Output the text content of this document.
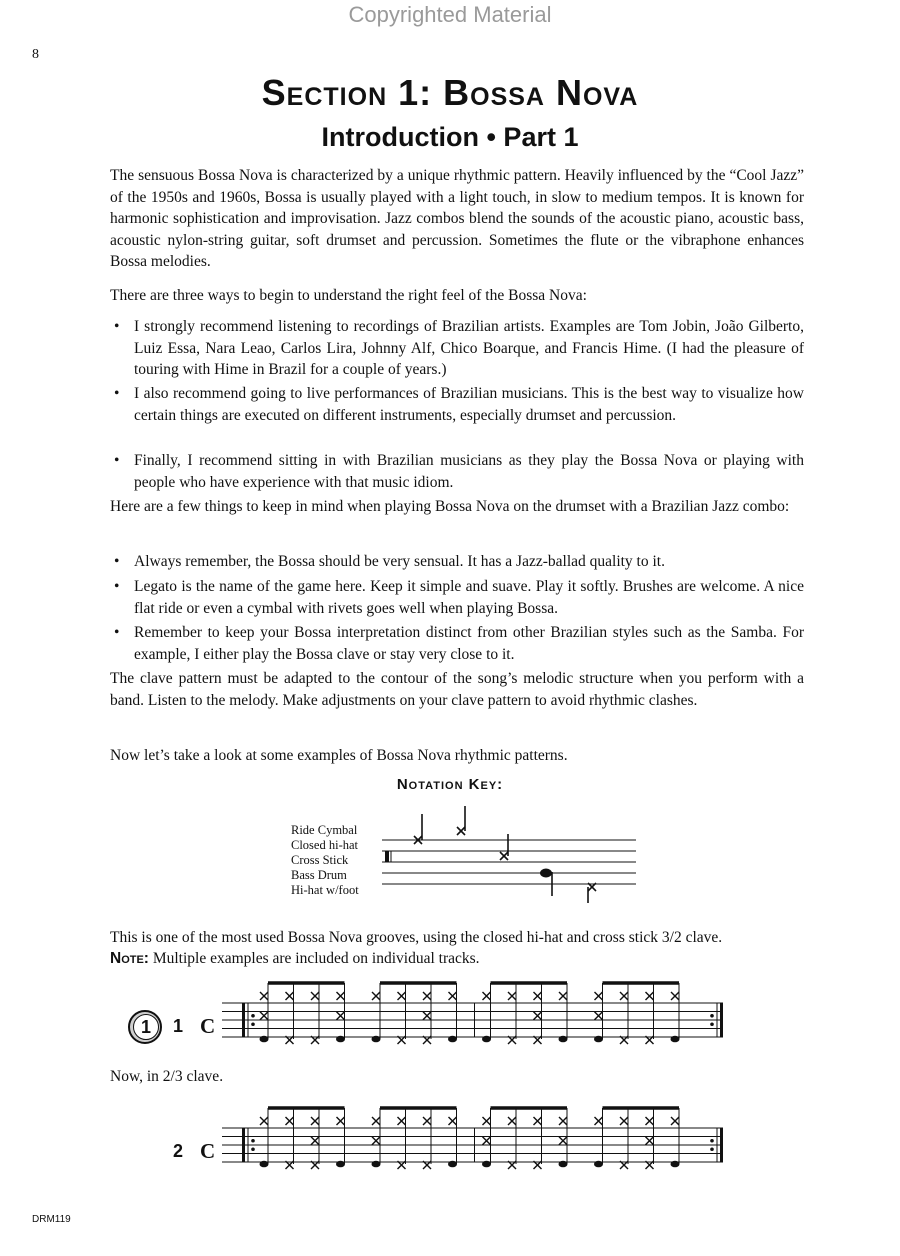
Copyrighted Material
8
Section 1: Bossa Nova
Introduction • Part 1

The sensuous Bossa Nova is characterized by a unique rhythmic pattern. Heavily influenced by the “Cool Jazz” of the 1950s and 1960s, Bossa is usually played with a light touch, in slow to medium tempos. It is known for harmonic sophistication and improvisation. Jazz combos blend the sounds of the acoustic piano, acoustic bass, acoustic nylon-string guitar, soft drumset and percussion. Sometimes the flute or the vibraphone enhances Bossa melodies.

There are three ways to begin to understand the right feel of the Bossa Nova:

• I strongly recommend listening to recordings of Brazilian artists. Examples are Tom Jobin, João Gilberto, Luiz Essa, Nara Leao, Carlos Lira, Johnny Alf, Chico Boarque, and Francis Hime. (I had the pleasure of touring with Hime in Brazil for a couple of years.)
• I also recommend going to live performances of Brazilian musicians. This is the best way to visualize how certain things are executed on different instruments, especially drumset and percussion.
• Finally, I recommend sitting in with Brazilian musicians as they play the Bossa Nova or playing with people who have experience with that music idiom.

Here are a few things to keep in mind when playing Bossa Nova on the drumset with a Brazilian Jazz combo:

• Always remember, the Bossa should be very sensual. It has a Jazz-ballad quality to it.
• Legato is the name of the game here. Keep it simple and suave. Play it softly. Brushes are welcome. A nice flat ride or even a cymbal with rivets goes well when playing Bossa.
• Remember to keep your Bossa interpretation distinct from other Brazilian styles such as the Samba. For example, I either play the Bossa clave or stay very close to it.

The clave pattern must be adapted to the contour of the song’s melodic structure when you perform with a band. Listen to the melody. Make adjustments on your clave pattern to avoid rhythmic clashes.

Now let’s take a look at some examples of Bossa Nova rhythmic patterns.

Notation Key:
Ride Cymbal
Closed hi-hat
Cross Stick
Bass Drum
Hi-hat w/foot

This is one of the most used Bossa Nova grooves, using the closed hi-hat and cross stick 3/2 clave.

Note: Multiple examples are included on individual tracks.

1	1 C

Now, in 2/3 clave.

2 C
DRM119
